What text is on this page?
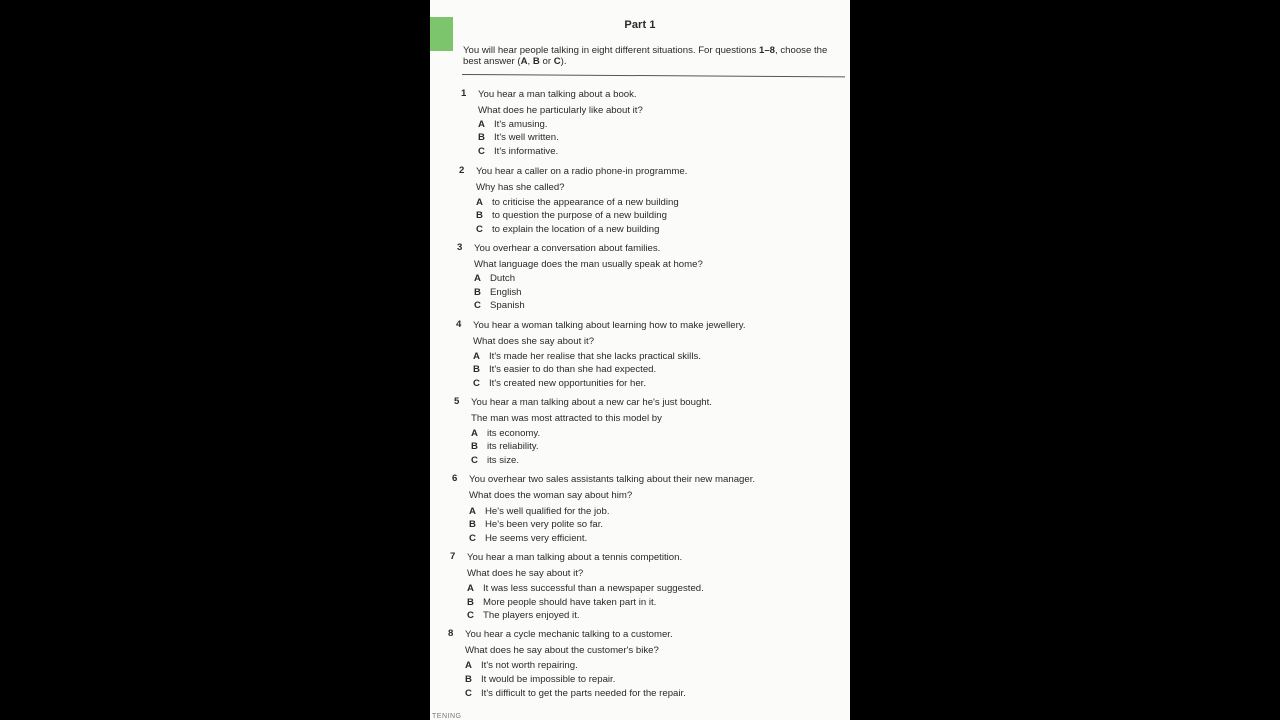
Part 1
You will hear people talking in eight different situations. For questions 1–8, choose the best answer (A, B or C).
1 You hear a man talking about a book.
What does he particularly like about it?
A It's amusing.
B It's well written.
C It's informative.
2 You hear a caller on a radio phone-in programme.
Why has she called?
A to criticise the appearance of a new building
B to question the purpose of a new building
C to explain the location of a new building
3 You overhear a conversation about families.
What language does the man usually speak at home?
A Dutch
B English
C Spanish
4 You hear a woman talking about learning how to make jewellery.
What does she say about it?
A It's made her realise that she lacks practical skills.
B It's easier to do than she had expected.
C It's created new opportunities for her.
5 You hear a man talking about a new car he's just bought.
The man was most attracted to this model by
A its economy.
B its reliability.
C its size.
6 You overhear two sales assistants talking about their new manager.
What does the woman say about him?
A He's well qualified for the job.
B He's been very polite so far.
C He seems very efficient.
7 You hear a man talking about a tennis competition.
What does he say about it?
A It was less successful than a newspaper suggested.
B More people should have taken part in it.
C The players enjoyed it.
8 You hear a cycle mechanic talking to a customer.
What does he say about the customer's bike?
A It's not worth repairing.
B It would be impossible to repair.
C It's difficult to get the parts needed for the repair.
TENING
